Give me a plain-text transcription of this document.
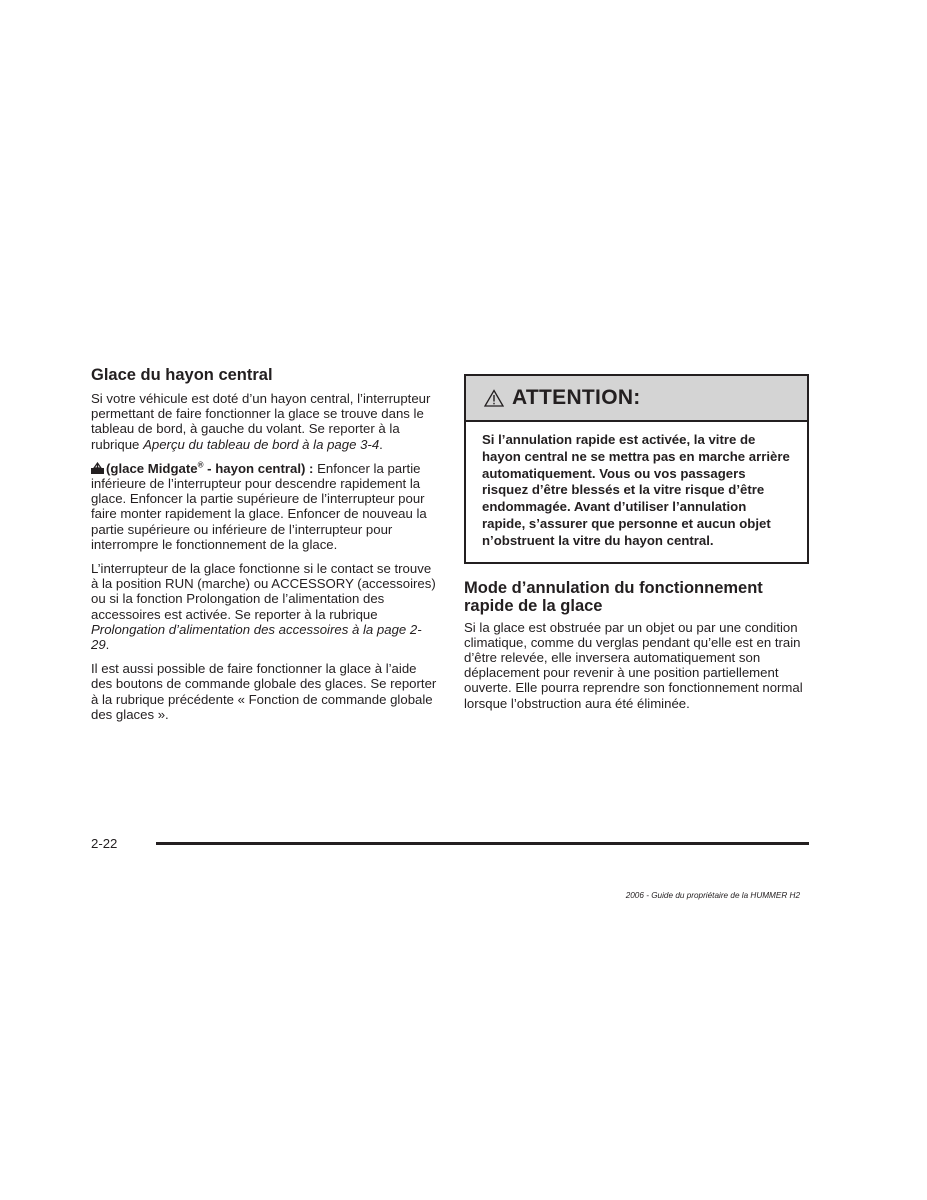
Glace du hayon central

Si votre véhicule est doté d’un hayon central, l’interrupteur permettant de faire fonctionner la glace se trouve dans le tableau de bord, à gauche du volant. Se reporter à la rubrique Aperçu du tableau de bord à la page 3-4.

(glace Midgate® - hayon central) : Enfoncer la partie inférieure de l’interrupteur pour descendre rapidement la glace. Enfoncer la partie supérieure de l’interrupteur pour faire monter rapidement la glace. Enfoncer de nouveau la partie supérieure ou inférieure de l’interrupteur pour interrompre le fonctionnement de la glace.

L’interrupteur de la glace fonctionne si le contact se trouve à la position RUN (marche) ou ACCESSORY (accessoires) ou si la fonction Prolongation de l’alimentation des accessoires est activée. Se reporter à la rubrique Prolongation d’alimentation des accessoires à la page 2-29.

Il est aussi possible de faire fonctionner la glace à l’aide des boutons de commande globale des glaces. Se reporter à la rubrique précédente « Fonction de commande globale des glaces ».

ATTENTION:
Si l’annulation rapide est activée, la vitre de hayon central ne se mettra pas en marche arrière automatiquement. Vous ou vos passagers risquez d’être blessés et la vitre risque d’être endommagée. Avant d’utiliser l’annulation rapide, s’assurer que personne et aucun objet n’obstruent la vitre du hayon central.
Mode d’annulation du fonctionnement rapide de la glace

Si la glace est obstruée par un objet ou par une condition climatique, comme du verglas pendant qu’elle est en train d’être relevée, elle inversera automatiquement son déplacement pour revenir à une position partiellement ouverte. Elle pourra reprendre son fonctionnement normal lorsque l’obstruction aura été éliminée.

2-22
2006 - Guide du propriétaire de la HUMMER H2
